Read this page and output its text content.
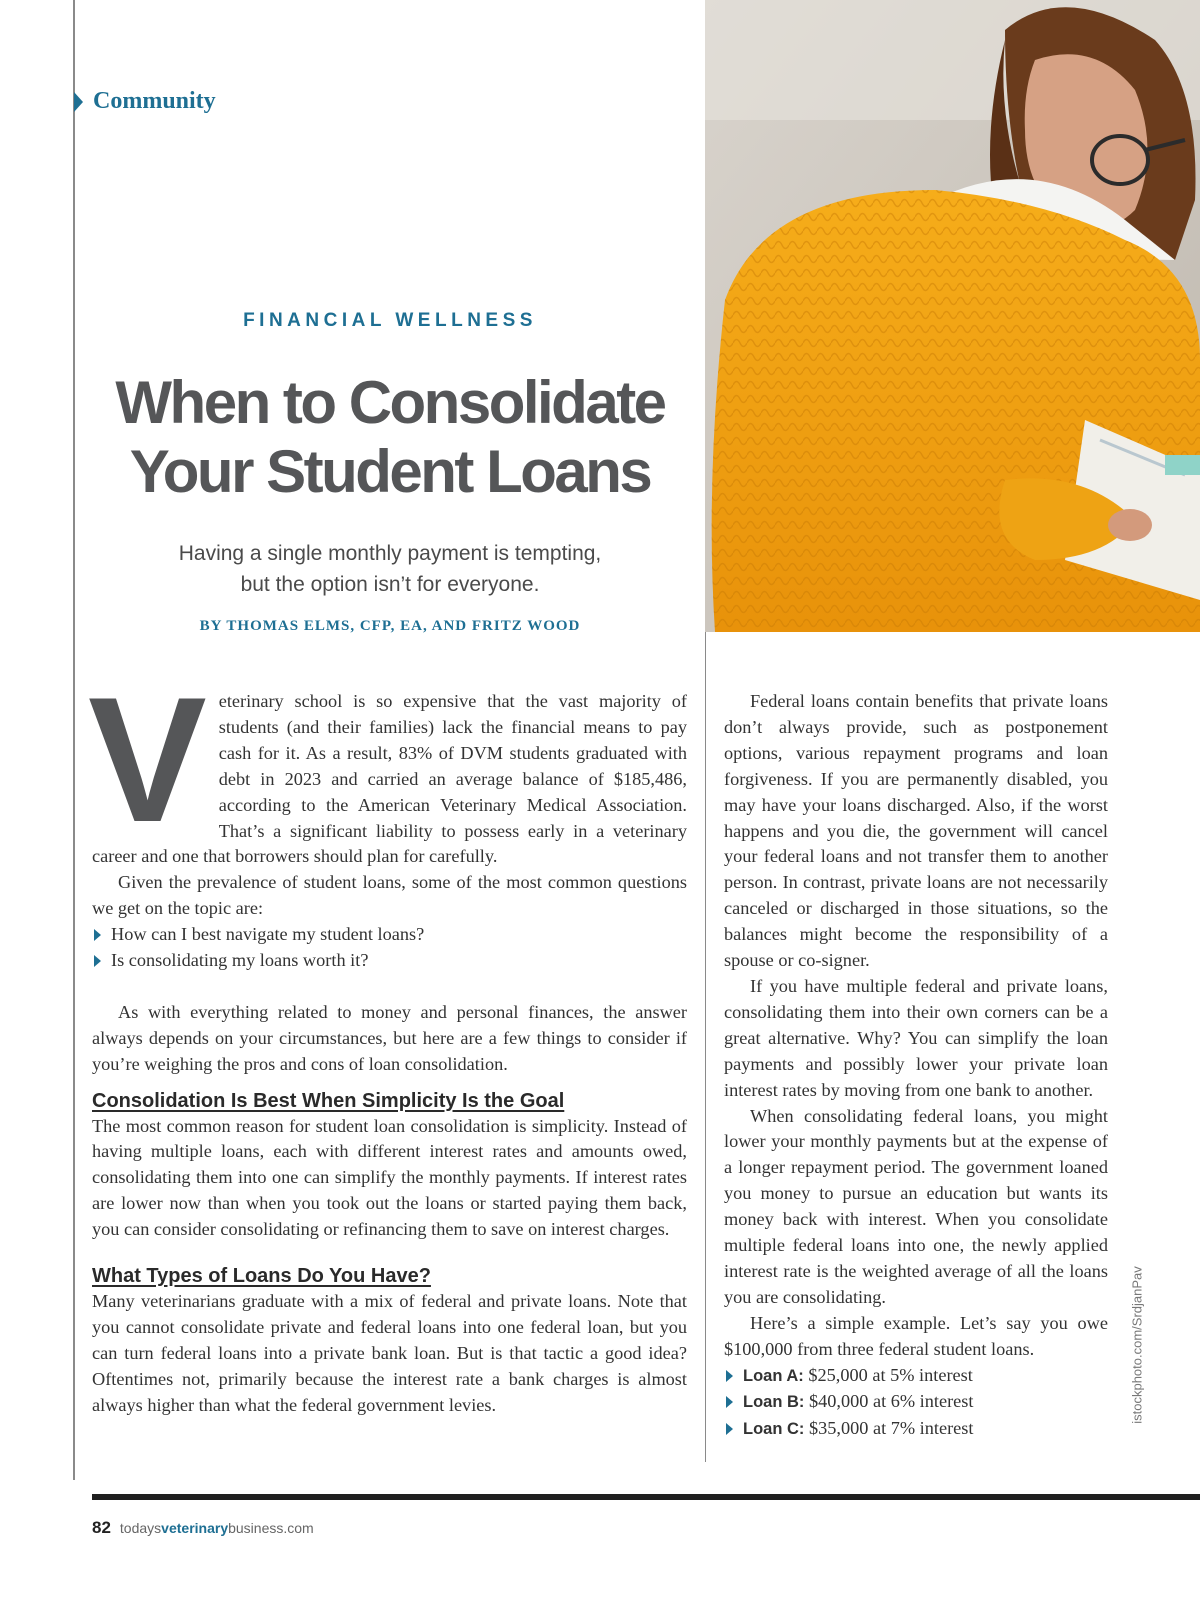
Community
FINANCIAL WELLNESS
When to Consolidate
Your Student Loans
Having a single monthly payment is tempting,
but the option isn’t for everyone.
BY THOMAS ELMS, CFP, EA, AND FRITZ WOOD

Veterinary school is so expensive that the vast majority of students (and their families) lack the financial means to pay cash for it. As a result, 83% of DVM students graduated with debt in 2023 and carried an average balance of $185,486, according to the American Veterinary Medical Association. That’s a significant liability to possess early in a veterinary career and one that borrowers should plan for carefully.

Given the prevalence of student loans, some of the most common questions we get on the topic are:

How can I best navigate my student loans?
Is consolidating my loans worth it?

As with everything related to money and personal finances, the answer always depends on your circumstances, but here are a few things to consider if you’re weighing the pros and cons of loan consolidation.

Consolidation Is Best When Simplicity Is the Goal

The most common reason for student loan consolidation is simplicity. Instead of having multiple loans, each with different interest rates and amounts owed, consolidating them into one can simplify the monthly payments. If interest rates are lower now than when you took out the loans or started paying them back, you can consider consolidating or refinancing them to save on interest charges.

What Types of Loans Do You Have?

Many veterinarians graduate with a mix of federal and private loans. Note that you cannot consolidate private and federal loans into one federal loan, but you can turn federal loans into a private bank loan. But is that tactic a good idea? Oftentimes not, primarily because the interest rate a bank charges is almost always higher than what the federal government levies.

Federal loans contain benefits that private loans don’t always provide, such as postponement options, various repayment programs and loan forgiveness. If you are permanently disabled, you may have your loans discharged. Also, if the worst happens and you die, the government will cancel your federal loans and not transfer them to another person. In contrast, private loans are not necessarily canceled or discharged in those situations, so the balances might become the responsibility of a spouse or co-signer.

If you have multiple federal and private loans, consolidating them into their own corners can be a great alternative. Why? You can simplify the loan payments and possibly lower your private loan interest rates by moving from one bank to another.

When consolidating federal loans, you might lower your monthly payments but at the expense of a longer repayment period. The government loaned you money to pursue an education but wants its money back with interest. When you consolidate multiple federal loans into one, the newly applied interest rate is the weighted average of all the loans you are consolidating.

Here’s a simple example. Let’s say you owe $100,000 from three federal student loans.

Loan A: $25,000 at 5% interest
Loan B: $40,000 at 6% interest
Loan C: $35,000 at 7% interest
istockphoto.com/SrdjanPav
82 todaysveterinarybusiness.com
